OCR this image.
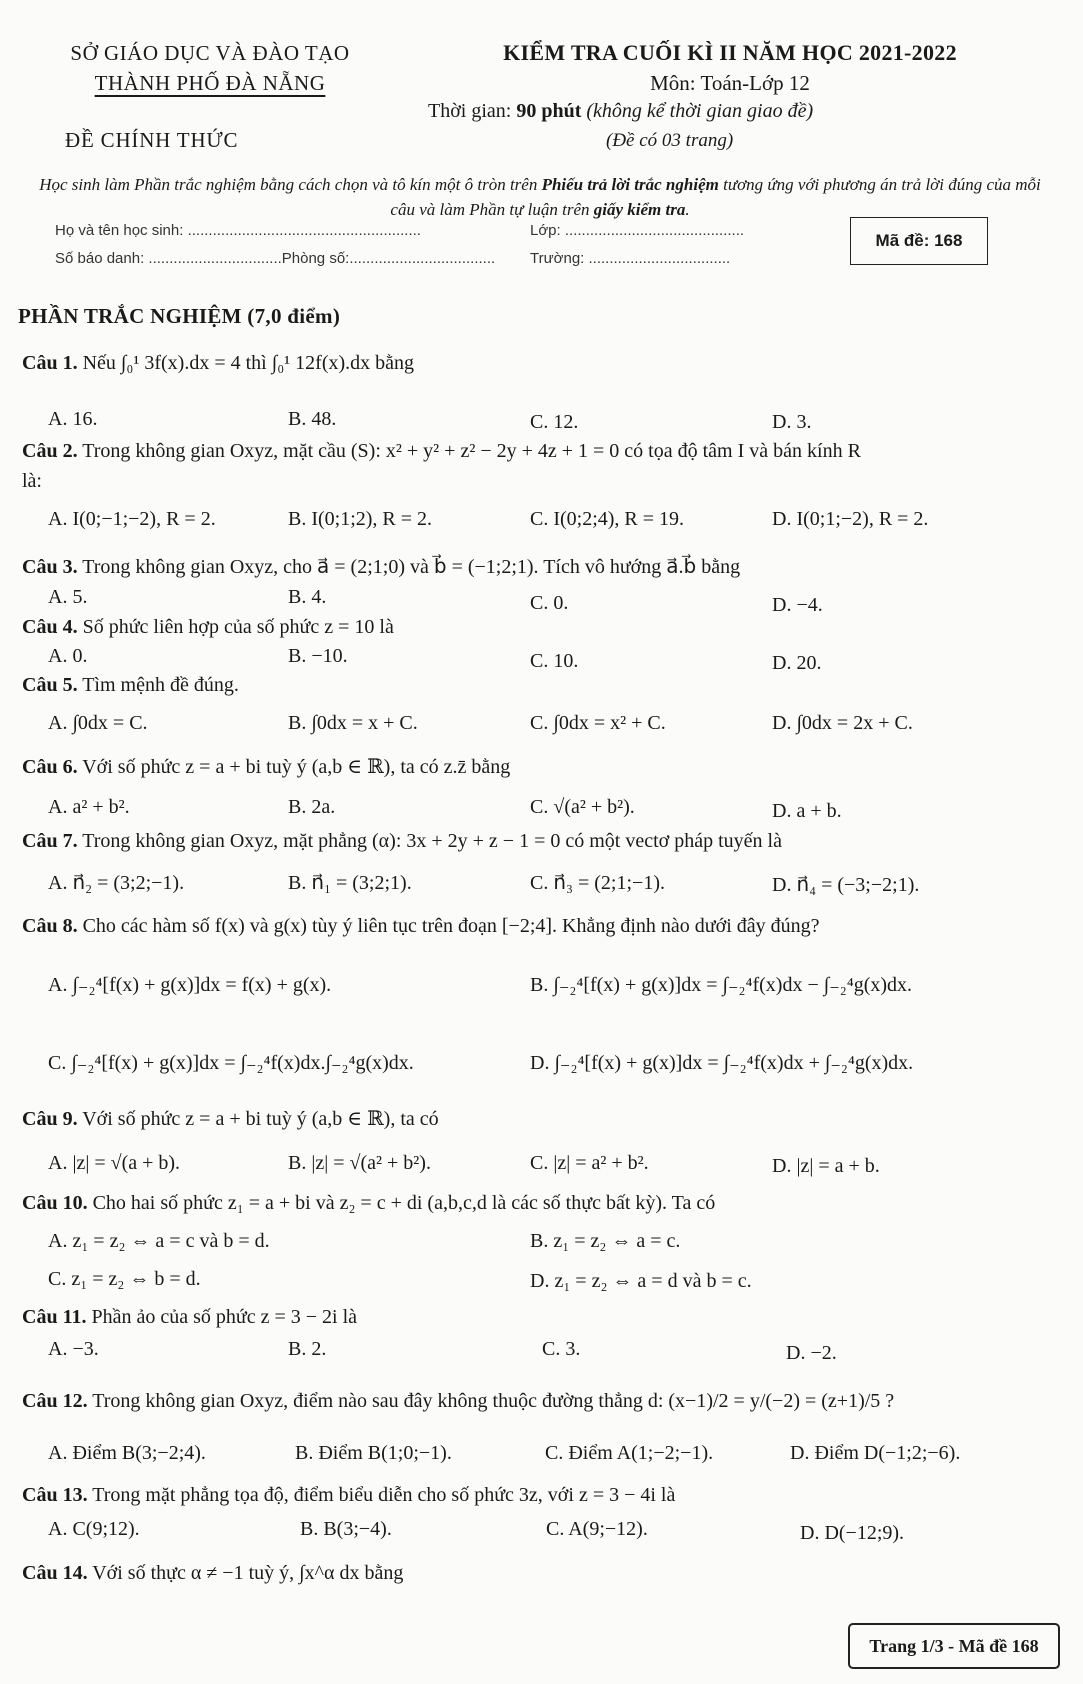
SỞ GIÁO DỤC VÀ ĐÀO TẠO
THÀNH PHỐ ĐÀ NẴNG
KIỂM TRA CUỐI KÌ II NĂM HỌC 2021-2022
Môn: Toán-Lớp 12
Thời gian: 90 phút (không kể thời gian giao đề)
ĐỀ CHÍNH THỨC	(Đề có 03 trang)
Học sinh làm Phần trắc nghiệm bằng cách chọn và tô kín một ô tròn trên Phiếu trả lời trắc nghiệm tương ứng với phương án trả lời đúng của mỗi câu và làm Phần tự luận trên giấy kiểm tra.
Họ và tên học sinh: ........................................................	Lớp: ...........................................
Số báo danh: ................................Phòng số:................................... Trường: ..................................
Mã đề: 168
PHẦN TRẮC NGHIỆM (7,0 điểm)
Câu 1. Nếu ∫₀¹ 3f(x).dx = 4 thì ∫₀¹ 12f(x).dx bằng
A. 16.	B. 48.	C. 12.	D. 3.
Câu 2. Trong không gian Oxyz, mặt cầu (S): x² + y² + z² − 2y + 4z + 1 = 0 có tọa độ tâm I và bán kính R
là:
A. I(0;−1;−2), R = 2.	B. I(0;1;2), R = 2.	C. I(0;2;4), R = 19.	D. I(0;1;−2), R = 2.
Câu 3. Trong không gian Oxyz, cho a⃗ = (2;1;0) và b⃗ = (−1;2;1). Tích vô hướng a⃗.b⃗ bằng
A. 5.	B. 4.	C. 0.	D. −4.
Câu 4. Số phức liên hợp của số phức z = 10 là
A. 0.	B. −10.	C. 10.	D. 20.
Câu 5. Tìm mệnh đề đúng.
A. ∫0dx = C.	B. ∫0dx = x + C.	C. ∫0dx = x² + C.	D. ∫0dx = 2x + C.
Câu 6. Với số phức z = a + bi tuỳ ý (a,b ∈ ℝ), ta có z.z̄ bằng
A. a² + b².	B. 2a.	C. √(a² + b²).	D. a + b.
Câu 7. Trong không gian Oxyz, mặt phẳng (α): 3x + 2y + z − 1 = 0 có một vectơ pháp tuyến là
A. n⃗₂ = (3;2;−1).	B. n⃗₁ = (3;2;1).	C. n⃗₃ = (2;1;−1).	D. n⃗₄ = (−3;−2;1).
Câu 8. Cho các hàm số f(x) và g(x) tùy ý liên tục trên đoạn [−2;4]. Khẳng định nào dưới đây đúng?
A. ∫₋₂⁴[f(x) + g(x)]dx = f(x) + g(x).	B. ∫₋₂⁴[f(x) + g(x)]dx = ∫₋₂⁴f(x)dx − ∫₋₂⁴g(x)dx.
C. ∫₋₂⁴[f(x) + g(x)]dx = ∫₋₂⁴f(x)dx.∫₋₂⁴g(x)dx.	D. ∫₋₂⁴[f(x) + g(x)]dx = ∫₋₂⁴f(x)dx + ∫₋₂⁴g(x)dx.
Câu 9. Với số phức z = a + bi tuỳ ý (a,b ∈ ℝ), ta có
A. |z| = √(a + b).	B. |z| = √(a² + b²).	C. |z| = a² + b².	D. |z| = a + b.
Câu 10. Cho hai số phức z₁ = a + bi và z₂ = c + di (a,b,c,d là các số thực bất kỳ). Ta có
A. z₁ = z₂ ⇔ a = c và b = d.	B. z₁ = z₂ ⇔ a = c.
C. z₁ = z₂ ⇔ b = d.	D. z₁ = z₂ ⇔ a = d và b = c.
Câu 11. Phần ảo của số phức z = 3 − 2i là
A. −3.	B. 2.	C. 3.	D. −2.
Câu 12. Trong không gian Oxyz, điểm nào sau đây không thuộc đường thẳng d: (x−1)/2 = y/(−2) = (z+1)/5 ?
A. Điểm B(3;−2;4).	B. Điểm B(1;0;−1).	C. Điểm A(1;−2;−1).	D. Điểm D(−1;2;−6).
Câu 13. Trong mặt phẳng tọa độ, điểm biểu diễn cho số phức 3z, với z = 3 − 4i là
A. C(9;12).	B. B(3;−4).	C. A(9;−12).	D. D(−12;9).
Câu 14. Với số thực α ≠ −1 tuỳ ý, ∫x^α dx bằng
Trang 1/3 - Mã đề 168
